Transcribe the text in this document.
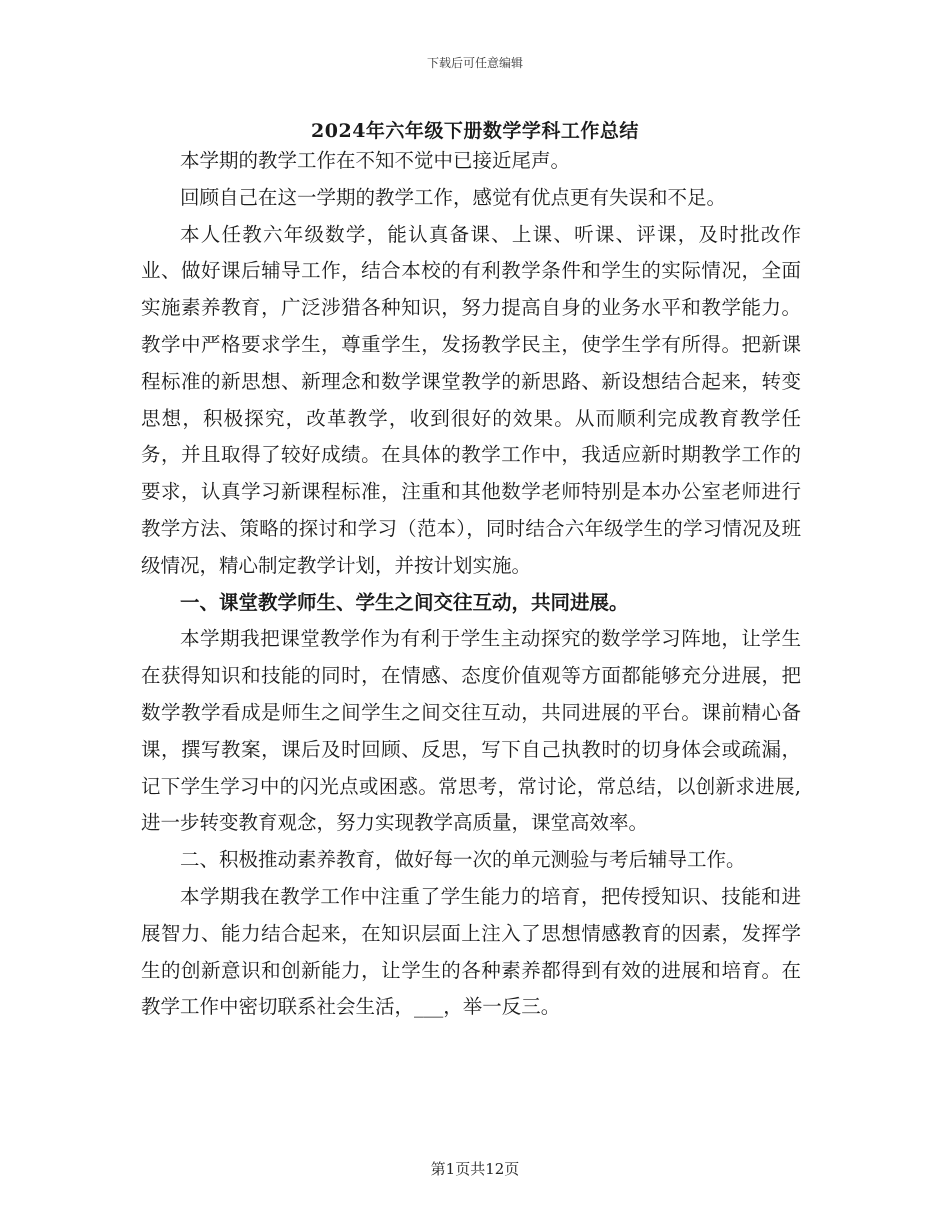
下载后可任意编辑
2024年六年级下册数学学科工作总结

本学期的教学工作在不知不觉中已接近尾声。

回顾自己在这一学期的教学工作，感觉有优点更有失误和不足。

本人任教六年级数学，能认真备课、上课、听课、评课，及时批改作业、做好课后辅导工作，结合本校的有利教学条件和学生的实际情况，全面实施素养教育，广泛涉猎各种知识，努力提高自身的业务水平和教学能力。教学中严格要求学生，尊重学生，发扬教学民主，使学生学有所得。把新课程标准的新思想、新理念和数学课堂教学的新思路、新设想结合起来，转变思想，积极探究，改革教学，收到很好的效果。从而顺利完成教育教学任务，并且取得了较好成绩。在具体的教学工作中，我适应新时期教学工作的要求，认真学习新课程标准，注重和其他数学老师特别是本办公室老师进行教学方法、策略的探讨和学习（范本），同时结合六年级学生的学习情况及班级情况，精心制定教学计划，并按计划实施。

一、课堂教学师生、学生之间交往互动，共同进展。

本学期我把课堂教学作为有利于学生主动探究的数学学习阵地，让学生在获得知识和技能的同时，在情感、态度价值观等方面都能够充分进展，把数学教学看成是师生之间学生之间交往互动，共同进展的平台。课前精心备课，撰写教案，课后及时回顾、反思，写下自己执教时的切身体会或疏漏，记下学生学习中的闪光点或困惑。常思考，常讨论，常总结，以创新求进展,进一步转变教育观念，努力实现教学高质量，课堂高效率。

二、积极推动素养教育，做好每一次的单元测验与考后辅导工作。

本学期我在教学工作中注重了学生能力的培育，把传授知识、技能和进展智力、能力结合起来，在知识层面上注入了思想情感教育的因素，发挥学生的创新意识和创新能力，让学生的各种素养都得到有效的进展和培育。在教学工作中密切联系社会生活，___，举一反三。

第1页共12页
